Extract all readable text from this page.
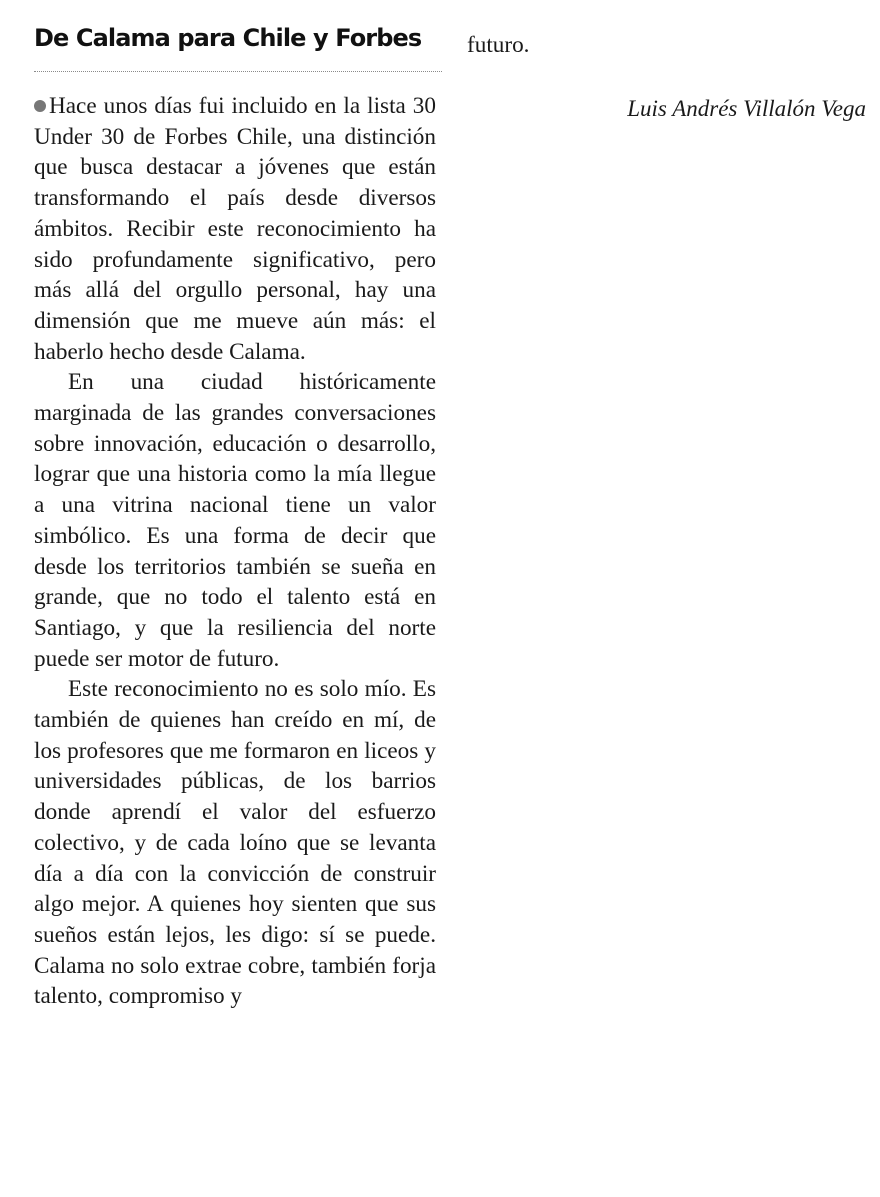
De Calama para Chile y Forbes

Hace unos días fui incluido en la lista 30 Under 30 de Forbes Chile, una distinción que busca destacar a jóvenes que están transformando el país desde diversos ámbitos. Recibir este reconocimiento ha sido profundamente significativo, pero más allá del orgullo personal, hay una dimensión que me mueve aún más: el haberlo hecho desde Calama.

En una ciudad históricamente marginada de las grandes conversaciones sobre innovación, educación o desarrollo, lograr que una historia como la mía llegue a una vitrina nacional tiene un valor simbólico. Es una forma de decir que desde los territorios también se sueña en grande, que no todo el talento está en Santiago, y que la resiliencia del norte puede ser motor de futuro.

Este reconocimiento no es solo mío. Es también de quienes han creído en mí, de los profesores que me formaron en liceos y universidades públicas, de los barrios donde aprendí el valor del esfuerzo colectivo, y de cada loíno que se levanta día a día con la convicción de construir algo mejor. A quienes hoy sienten que sus sueños están lejos, les digo: sí se puede. Calama no solo extrae cobre, también forja talento, compromiso y

futuro.
Luis Andrés Villalón Vega
